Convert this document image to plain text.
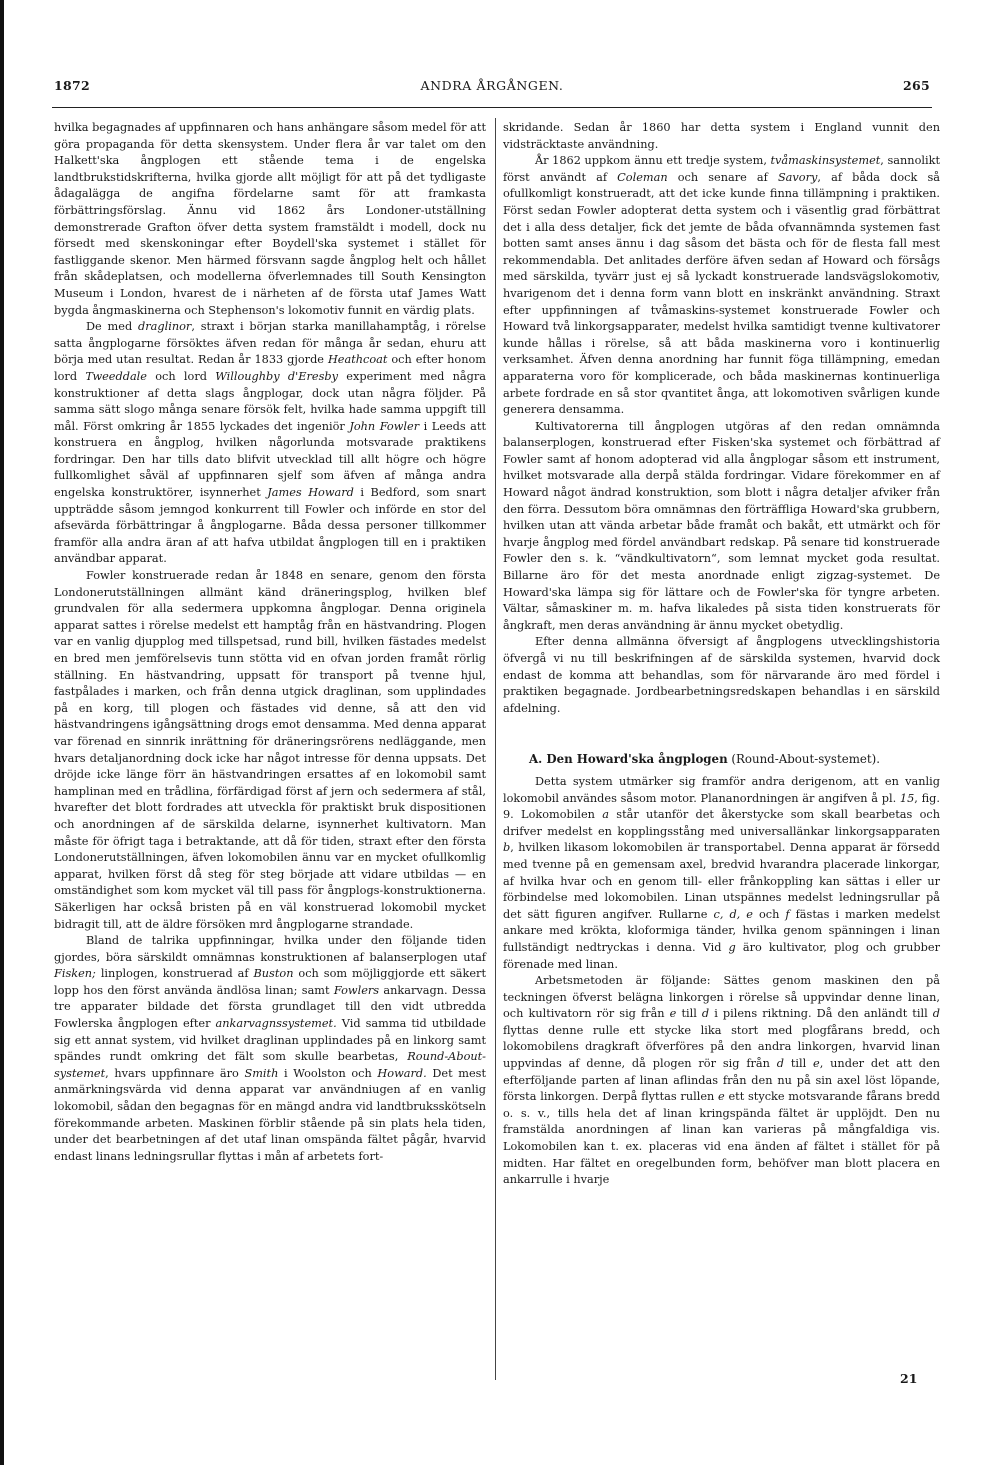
1872	ANDRA ÅRGÅNGEN.	265

hvilka begagnades af uppfinnaren och hans anhängare såsom medel för att göra propaganda för detta skensystem. Under flera år var talet om den Halkett'ska ångplogen ett stående tema i de engelska landtbrukstidskrifterna, hvilka gjorde allt möjligt för att på det tydligaste ådagalägga de angifna fördelarne samt för att framkasta förbättringsförslag. Ännu vid 1862 års Londoner-utställning demonstrerade Grafton öfver detta system framstäldt i modell, dock nu försedt med skenskoningar efter Boydell'ska systemet i stället för fastliggande skenor. Men härmed försvann sagde ångplog helt och hållet från skådeplatsen, och modellerna öfverlemnades till South Kensington Museum i London, hvarest de i närheten af de första utaf James Watt bygda ångmaskinerna och Stephenson's lokomotiv funnit en värdig plats.

De med draglinor, straxt i början starka manillahamptåg, i rörelse satta ångplogarne försöktes äfven redan för många år sedan, ehuru att börja med utan resultat. Redan år 1833 gjorde Heathcoat och efter honom lord Tweeddale och lord Willoughby d'Eresby experiment med några konstruktioner af detta slags ångplogar, dock utan några följder. På samma sätt slogo många senare försök felt, hvilka hade samma uppgift till mål. Först omkring år 1855 lyckades det ingeniör John Fowler i Leeds att konstruera en ångplog, hvilken någorlunda motsvarade praktikens fordringar. Den har tills dato blifvit utvecklad till allt högre och högre fullkomlighet såväl af uppfinnaren sjelf som äfven af många andra engelska konstruktörer, isynnerhet James Howard i Bedford, som snart uppträdde såsom jemngod konkurrent till Fowler och införde en stor del afsevärda förbättringar å ångplogarne. Båda dessa personer tillkommer framför alla andra äran af att hafva utbildat ångplogen till en i praktiken användbar apparat.

Fowler konstruerade redan år 1848 en senare, genom den första Londonerutställningen allmänt känd dräneringsplog, hvilken blef grundvalen för alla sedermera uppkomna ångplogar. Denna originela apparat sattes i rörelse medelst ett hamptåg från en hästvandring. Plogen var en vanlig djupplog med tillspetsad, rund bill, hvilken fästades medelst en bred men jemförelsevis tunn stötta vid en ofvan jorden framåt rörlig ställning. En hästvandring, uppsatt för transport på tvenne hjul, fastpålades i marken, och från denna utgick draglinan, som upplindades på en korg, till plogen och fästades vid denne, så att den vid hästvandringens igångsättning drogs emot densamma. Med denna apparat var förenad en sinnrik inrättning för dräneringsrörens nedläggande, men hvars detaljanordning dock icke har något intresse för denna uppsats. Det dröjde icke länge förr än hästvandringen ersattes af en lokomobil samt hamplinan med en trådlina, förfärdigad först af jern och sedermera af stål, hvarefter det blott fordrades att utveckla för praktiskt bruk dispositionen och anordningen af de särskilda delarne, isynnerhet kultivatorn. Man måste för öfrigt taga i betraktande, att då för tiden, straxt efter den första Londonerutställningen, äfven lokomobilen ännu var en mycket ofullkomlig apparat, hvilken först då steg för steg började att vidare utbildas — en omständighet som kom mycket väl till pass för ångplogs-konstruktionerna. Säkerligen har också bristen på en väl konstruerad lokomobil mycket bidragit till, att de äldre försöken mrd ångplogarne strandade.

Bland de talrika uppfinningar, hvilka under den följande tiden gjordes, böra särskildt omnämnas konstruktionen af balanserplogen utaf Fisken; linplogen, konstruerad af Buston och som möjliggjorde ett säkert lopp hos den först använda ändlösa linan; samt Fowlers ankarvagn. Dessa tre apparater bildade det första grundlaget till den vidt utbredda Fowlerska ångplogen efter ankarvagnssystemet. Vid samma tid utbildade sig ett annat system, vid hvilket draglinan upplindades på en linkorg samt spändes rundt omkring det fält som skulle bearbetas, Round-About-systemet, hvars uppfinnare äro Smith i Woolston och Howard. Det mest anmärkningsvärda vid denna apparat var användniugen af en vanlig lokomobil, sådan den begagnas för en mängd andra vid landtbruksskötseln förekommande arbeten. Maskinen förblir stående på sin plats hela tiden, under det bearbetningen af det utaf linan omspända fältet pågår, hvarvid endast linans ledningsrullar flyttas i mån af arbetets fort-

skridande. Sedan år 1860 har detta system i England vunnit den vidsträcktaste användning.

År 1862 uppkom ännu ett tredje system, tvåmaskinsystemet, sannolikt först användt af Coleman och senare af Savory, af båda dock så ofullkomligt konstrueradt, att det icke kunde finna tillämpning i praktiken. Först sedan Fowler adopterat detta system och i väsentlig grad förbättrat det i alla dess detaljer, fick det jemte de båda ofvannämnda systemen fast botten samt anses ännu i dag såsom det bästa och för de flesta fall mest rekommendabla. Det anlitades derföre äfven sedan af Howard och försågs med särskilda, tyvärr just ej så lyckadt konstruerade landsvägslokomotiv, hvarigenom det i denna form vann blott en inskränkt användning. Straxt efter uppfinningen af tvåmaskins-systemet konstruerade Fowler och Howard två linkorgsapparater, medelst hvilka samtidigt tvenne kultivatorer kunde hållas i rörelse, så att båda maskinerna voro i kontinuerlig verksamhet. Äfven denna anordning har funnit föga tillämpning, emedan apparaterna voro för komplicerade, och båda maskinernas kontinuerliga arbete fordrade en så stor qvantitet ånga, att lokomotiven svårligen kunde generera densamma.

Kultivatorerna till ångplogen utgöras af den redan omnämnda balanserplogen, konstruerad efter Fisken'ska systemet och förbättrad af Fowler samt af honom adopterad vid alla ångplogar såsom ett instrument, hvilket motsvarade alla derpå stälda fordringar. Vidare förekommer en af Howard något ändrad konstruktion, som blott i några detaljer afviker från den förra. Dessutom böra omnämnas den förträffliga Howard'ska grubbern, hvilken utan att vända arbetar både framåt och bakåt, ett utmärkt och för hvarje ångplog med fördel användbart redskap. På senare tid konstruerade Fowler den s. k. “vändkultivatorn“, som lemnat mycket goda resultat. Billarne äro för det mesta anordnade enligt zigzag-systemet. De Howard'ska lämpa sig för lättare och de Fowler'ska för tyngre arbeten. Vältar, såmaskiner m. m. hafva likaledes på sista tiden konstruerats för ångkraft, men deras användning är ännu mycket obetydlig.

Efter denna allmänna öfversigt af ångplogens utvecklingshistoria öfvergå vi nu till beskrifningen af de särskilda systemen, hvarvid dock endast de komma att behandlas, som för närvarande äro med fördel i praktiken begagnade. Jordbearbetningsredskapen behandlas i en särskild afdelning.

A. Den Howard'ska ångplogen (Round-About-systemet).

Detta system utmärker sig framför andra derigenom, att en vanlig lokomobil användes såsom motor. Plananordningen är angifven å pl. 15, fig. 9. Lokomobilen a står utanför det åkerstycke som skall bearbetas och drifver medelst en kopplingsstång med universallänkar linkorgsapparaten b, hvilken likasom lokomobilen är transportabel. Denna apparat är försedd med tvenne på en gemensam axel, bredvid hvarandra placerade linkorgar, af hvilka hvar och en genom till- eller frånkoppling kan sättas i eller ur förbindelse med lokomobilen. Linan utspännes medelst ledningsrullar på det sätt figuren angifver. Rullarne c, d, e och f fästas i marken medelst ankare med krökta, kloformiga tänder, hvilka genom spänningen i linan fullständigt nedtryckas i denna. Vid g äro kultivator, plog och grubber förenade med linan.

Arbetsmetoden är följande: Sättes genom maskinen den på teckningen öfverst belägna linkorgen i rörelse så uppvindar denne linan, och kultivatorn rör sig från e till d i pilens riktning. Då den anländt till d flyttas denne rulle ett stycke lika stort med plogfårans bredd, och lokomobilens dragkraft öfverföres på den andra linkorgen, hvarvid linan uppvindas af denne, då plogen rör sig från d till e, under det att den efterföljande parten af linan aflindas från den nu på sin axel löst löpande, första linkorgen. Derpå flyttas rullen e ett stycke motsvarande fårans bredd o. s. v., tills hela det af linan kringspända fältet är upplöjdt. Den nu framstälda anordningen af linan kan varieras på mångfaldiga vis. Lokomobilen kan t. ex. placeras vid ena änden af fältet i stället för på midten. Har fältet en oregelbunden form, behöfver man blott placera en ankarrulle i hvarje

21
